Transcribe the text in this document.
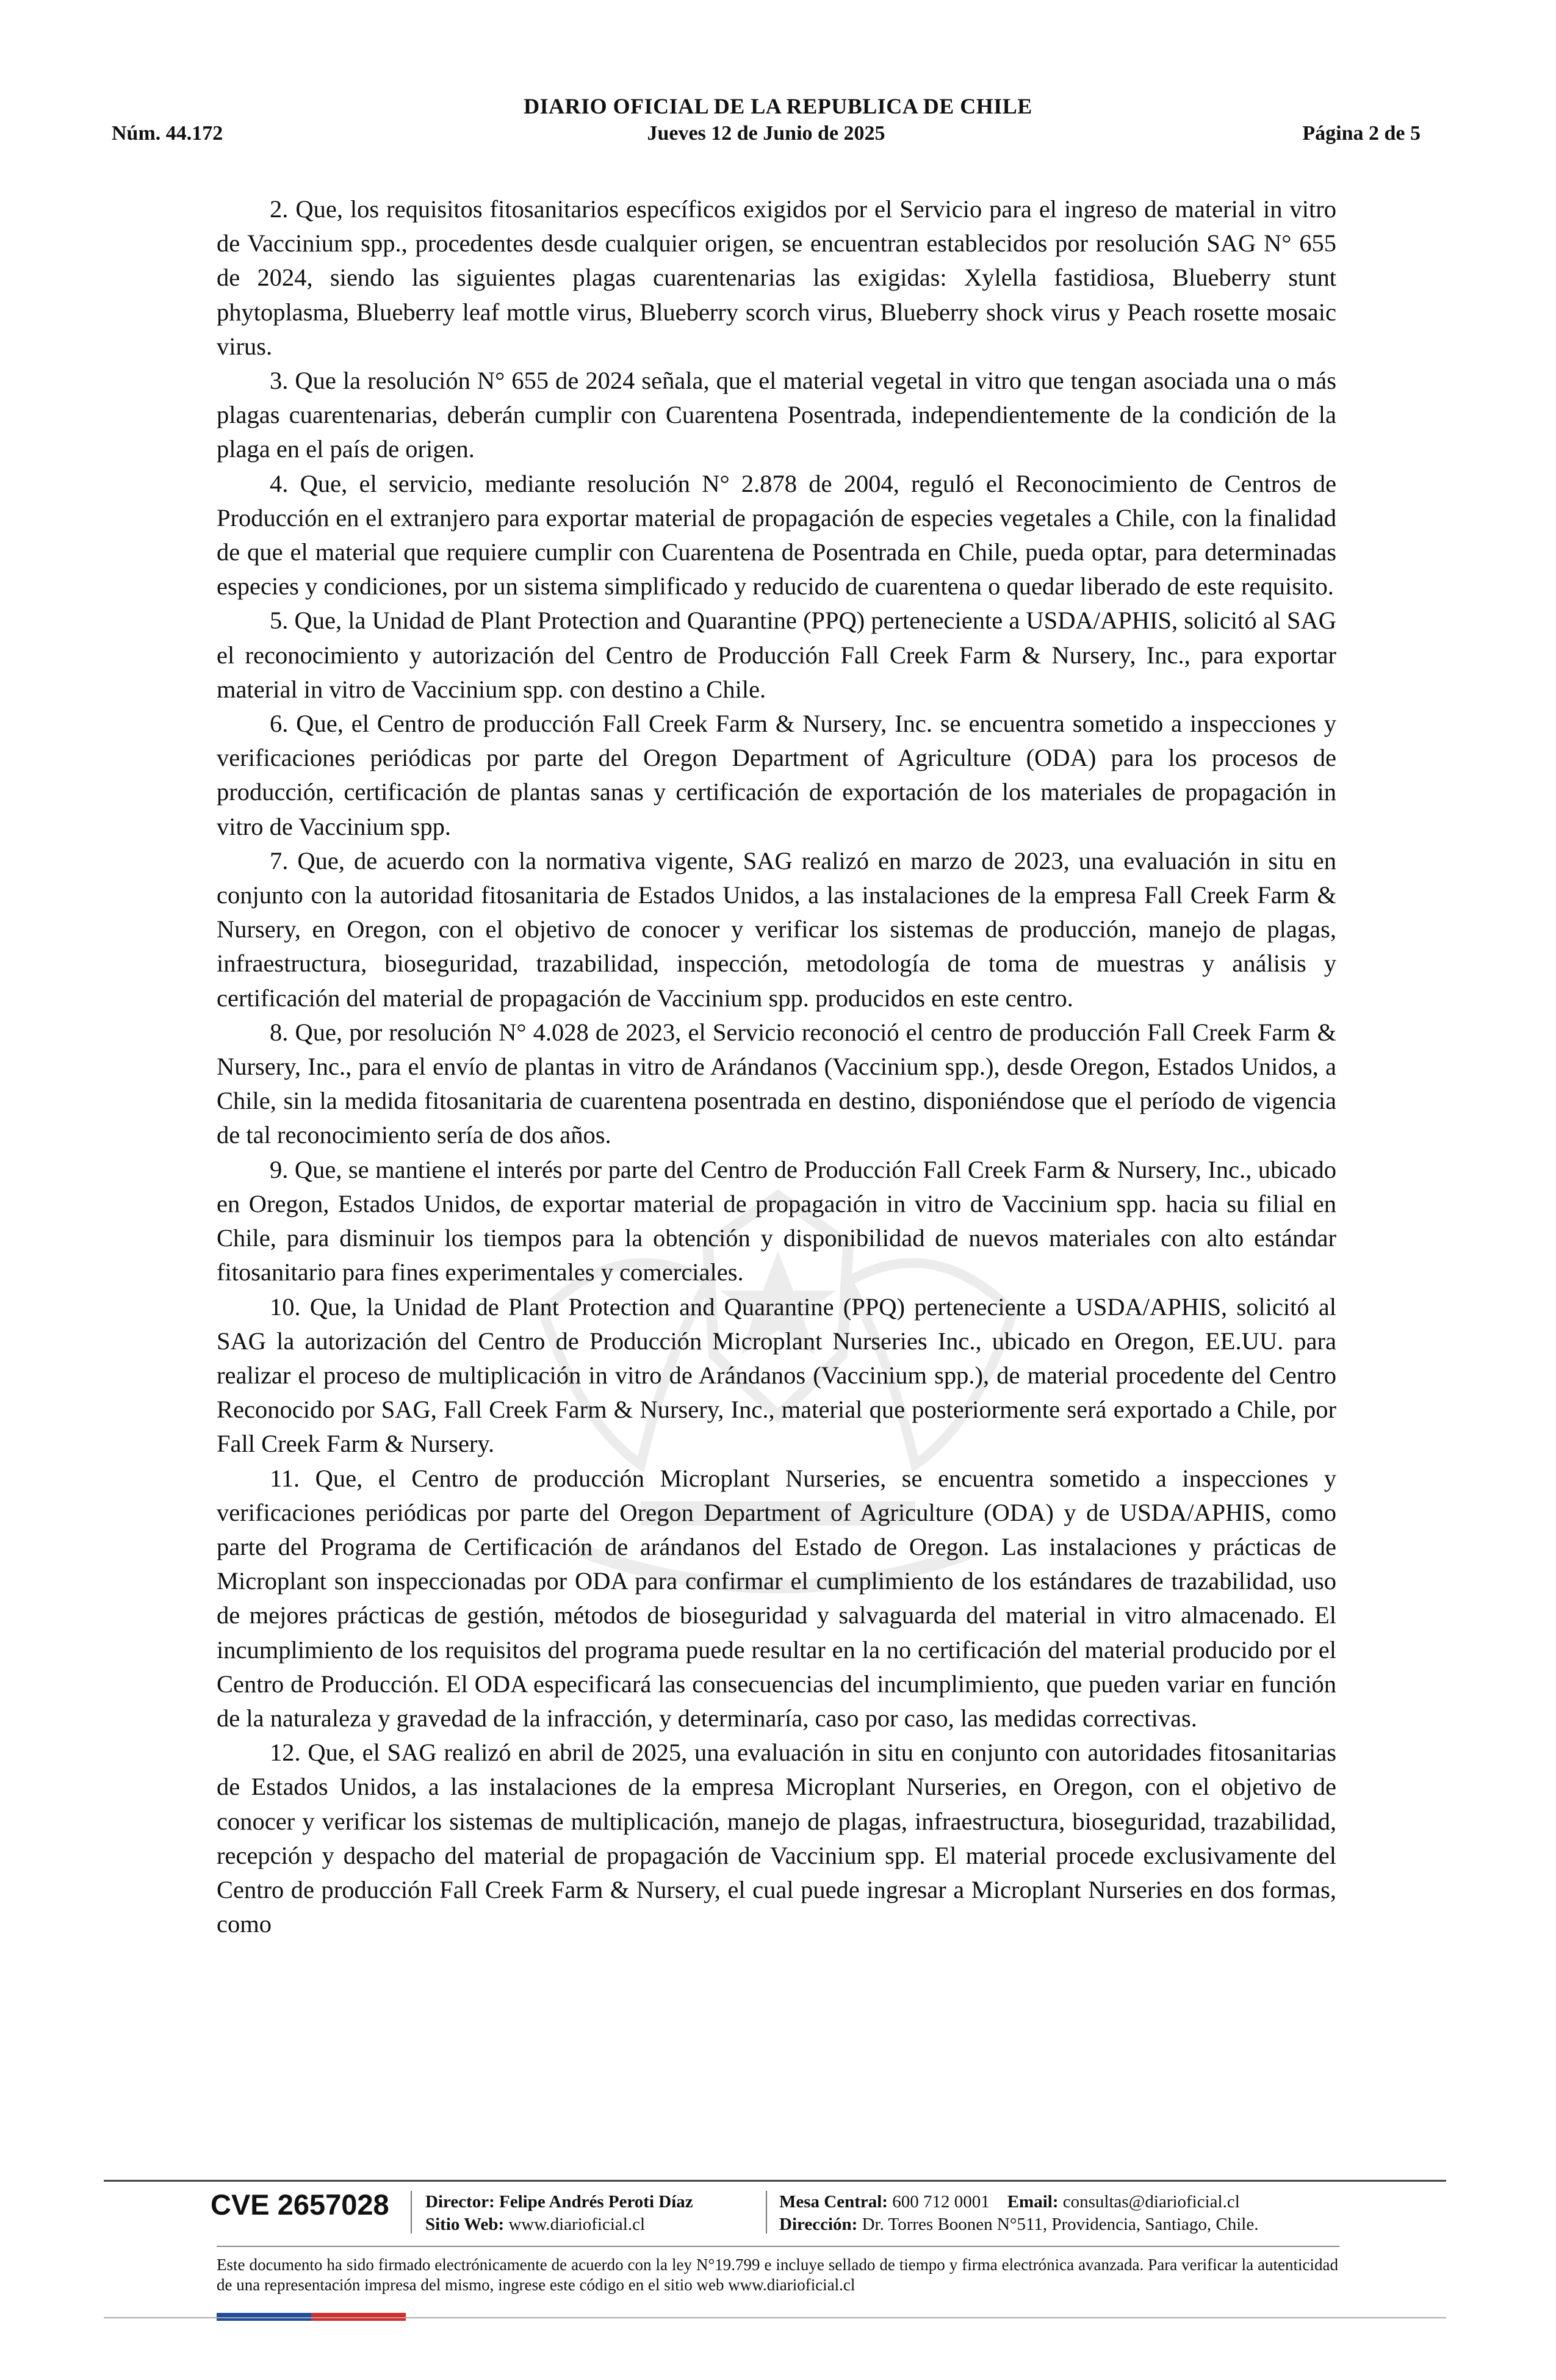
DIARIO OFICIAL DE LA REPUBLICA DE CHILE
Núm. 44.172	Jueves 12 de Junio de 2025	Página 2 de 5

2. Que, los requisitos fitosanitarios específicos exigidos por el Servicio para el ingreso de material in vitro de Vaccinium spp., procedentes desde cualquier origen, se encuentran establecidos por resolución SAG N° 655 de 2024, siendo las siguientes plagas cuarentenarias las exigidas: Xylella fastidiosa, Blueberry stunt phytoplasma, Blueberry leaf mottle virus, Blueberry scorch virus, Blueberry shock virus y Peach rosette mosaic virus.

3. Que la resolución N° 655 de 2024 señala, que el material vegetal in vitro que tengan asociada una o más plagas cuarentenarias, deberán cumplir con Cuarentena Posentrada, independientemente de la condición de la plaga en el país de origen.

4. Que, el servicio, mediante resolución N° 2.878 de 2004, reguló el Reconocimiento de Centros de Producción en el extranjero para exportar material de propagación de especies vegetales a Chile, con la finalidad de que el material que requiere cumplir con Cuarentena de Posentrada en Chile, pueda optar, para determinadas especies y condiciones, por un sistema simplificado y reducido de cuarentena o quedar liberado de este requisito.

5. Que, la Unidad de Plant Protection and Quarantine (PPQ) perteneciente a USDA/APHIS, solicitó al SAG el reconocimiento y autorización del Centro de Producción Fall Creek Farm & Nursery, Inc., para exportar material in vitro de Vaccinium spp. con destino a Chile.

6. Que, el Centro de producción Fall Creek Farm & Nursery, Inc. se encuentra sometido a inspecciones y verificaciones periódicas por parte del Oregon Department of Agriculture (ODA) para los procesos de producción, certificación de plantas sanas y certificación de exportación de los materiales de propagación in vitro de Vaccinium spp.

7. Que, de acuerdo con la normativa vigente, SAG realizó en marzo de 2023, una evaluación in situ en conjunto con la autoridad fitosanitaria de Estados Unidos, a las instalaciones de la empresa Fall Creek Farm & Nursery, en Oregon, con el objetivo de conocer y verificar los sistemas de producción, manejo de plagas, infraestructura, bioseguridad, trazabilidad, inspección, metodología de toma de muestras y análisis y certificación del material de propagación de Vaccinium spp. producidos en este centro.

8. Que, por resolución N° 4.028 de 2023, el Servicio reconoció el centro de producción Fall Creek Farm & Nursery, Inc., para el envío de plantas in vitro de Arándanos (Vaccinium spp.), desde Oregon, Estados Unidos, a Chile, sin la medida fitosanitaria de cuarentena posentrada en destino, disponiéndose que el período de vigencia de tal reconocimiento sería de dos años.

9. Que, se mantiene el interés por parte del Centro de Producción Fall Creek Farm & Nursery, Inc., ubicado en Oregon, Estados Unidos, de exportar material de propagación in vitro de Vaccinium spp. hacia su filial en Chile, para disminuir los tiempos para la obtención y disponibilidad de nuevos materiales con alto estándar fitosanitario para fines experimentales y comerciales.

10. Que, la Unidad de Plant Protection and Quarantine (PPQ) perteneciente a USDA/APHIS, solicitó al SAG la autorización del Centro de Producción Microplant Nurseries Inc., ubicado en Oregon, EE.UU. para realizar el proceso de multiplicación in vitro de Arándanos (Vaccinium spp.), de material procedente del Centro Reconocido por SAG, Fall Creek Farm & Nursery, Inc., material que posteriormente será exportado a Chile, por Fall Creek Farm & Nursery.

11. Que, el Centro de producción Microplant Nurseries, se encuentra sometido a inspecciones y verificaciones periódicas por parte del Oregon Department of Agriculture (ODA) y de USDA/APHIS, como parte del Programa de Certificación de arándanos del Estado de Oregon. Las instalaciones y prácticas de Microplant son inspeccionadas por ODA para confirmar el cumplimiento de los estándares de trazabilidad, uso de mejores prácticas de gestión, métodos de bioseguridad y salvaguarda del material in vitro almacenado. El incumplimiento de los requisitos del programa puede resultar en la no certificación del material producido por el Centro de Producción. El ODA especificará las consecuencias del incumplimiento, que pueden variar en función de la naturaleza y gravedad de la infracción, y determinaría, caso por caso, las medidas correctivas.

12. Que, el SAG realizó en abril de 2025, una evaluación in situ en conjunto con autoridades fitosanitarias de Estados Unidos, a las instalaciones de la empresa Microplant Nurseries, en Oregon, con el objetivo de conocer y verificar los sistemas de multiplicación, manejo de plagas, infraestructura, bioseguridad, trazabilidad, recepción y despacho del material de propagación de Vaccinium spp. El material procede exclusivamente del Centro de producción Fall Creek Farm & Nursery, el cual puede ingresar a Microplant Nurseries en dos formas, como

CVE 2657028 Director: Felipe Andrés Peroti Díaz
Sitio Web: www.diarioficial.cl
Mesa Central: 600 712 0001 Email: consultas@diarioficial.cl
Dirección: Dr. Torres Boonen N°511, Providencia, Santiago, Chile.
Este documento ha sido firmado electrónicamente de acuerdo con la ley N°19.799 e incluye sellado de tiempo y firma electrónica avanzada. Para verificar la autenticidad de una representación impresa del mismo, ingrese este código en el sitio web www.diarioficial.cl
